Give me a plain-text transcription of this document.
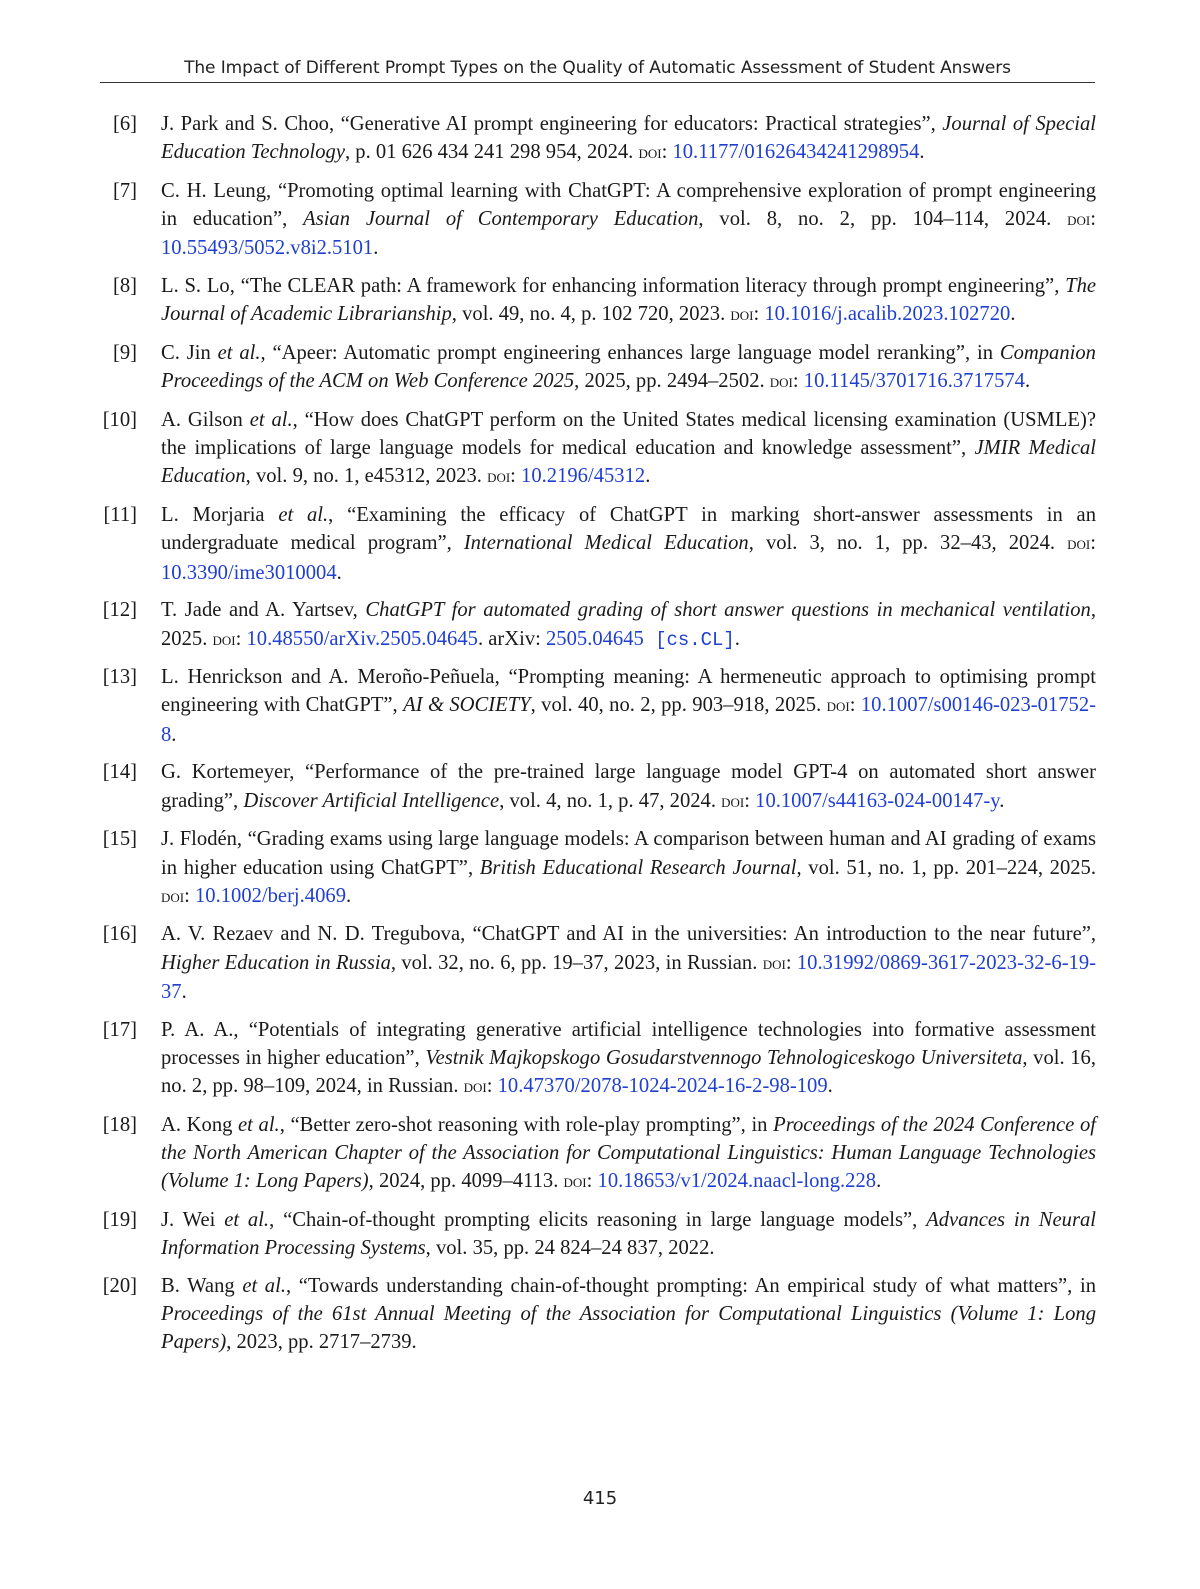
The Impact of Different Prompt Types on the Quality of Automatic Assessment of Student Answers
[6] J. Park and S. Choo, “Generative AI prompt engineering for educators: Practical strategies”, Journal of Special Education Technology, p. 01 626 434 241 298 954, 2024. doi: 10.1177/01626434241298954.
[7] C. H. Leung, “Promoting optimal learning with ChatGPT: A comprehensive exploration of prompt engineering in education”, Asian Journal of Contemporary Education, vol. 8, no. 2, pp. 104–114, 2024. doi: 10.55493/5052.v8i2.5101.
[8] L. S. Lo, “The CLEAR path: A framework for enhancing information literacy through prompt engineering”, The Journal of Academic Librarianship, vol. 49, no. 4, p. 102 720, 2023. doi: 10.1016/j.acalib.2023.102720.
[9] C. Jin et al., “Apeer: Automatic prompt engineering enhances large language model reranking”, in Companion Proceedings of the ACM on Web Conference 2025, 2025, pp. 2494–2502. doi: 10.1145/3701716.3717574.
[10] A. Gilson et al., “How does ChatGPT perform on the United States medical licensing examination (USMLE)? the implications of large language models for medical education and knowledge assessment”, JMIR Medical Education, vol. 9, no. 1, e45312, 2023. doi: 10.2196/45312.
[11] L. Morjaria et al., “Examining the efficacy of ChatGPT in marking short-answer assessments in an undergraduate medical program”, International Medical Education, vol. 3, no. 1, pp. 32–43, 2024. doi: 10.3390/ime3010004.
[12] T. Jade and A. Yartsev, ChatGPT for automated grading of short answer questions in mechanical ventilation, 2025. doi: 10.48550/arXiv.2505.04645. arXiv: 2505.04645 [cs.CL].
[13] L. Henrickson and A. Meroño-Peñuela, “Prompting meaning: A hermeneutic approach to optimising prompt engineering with ChatGPT”, AI & SOCIETY, vol. 40, no. 2, pp. 903–918, 2025. doi: 10.1007/s00146-023-01752-8.
[14] G. Kortemeyer, “Performance of the pre-trained large language model GPT-4 on automated short answer grading”, Discover Artificial Intelligence, vol. 4, no. 1, p. 47, 2024. doi: 10.1007/s44163-024-00147-y.
[15] J. Flodén, “Grading exams using large language models: A comparison between human and AI grading of exams in higher education using ChatGPT”, British Educational Research Journal, vol. 51, no. 1, pp. 201–224, 2025. doi: 10.1002/berj.4069.
[16] A. V. Rezaev and N. D. Tregubova, “ChatGPT and AI in the universities: An introduction to the near future”, Higher Education in Russia, vol. 32, no. 6, pp. 19–37, 2023, in Russian. doi: 10.31992/0869-3617-2023-32-6-19-37.
[17] P. A. A., “Potentials of integrating generative artificial intelligence technologies into formative assessment processes in higher education”, Vestnik Majkopskogo Gosudarstvennogo Tehnologiceskogo Universiteta, vol. 16, no. 2, pp. 98–109, 2024, in Russian. doi: 10.47370/2078-1024-2024-16-2-98-109.
[18] A. Kong et al., “Better zero-shot reasoning with role-play prompting”, in Proceedings of the 2024 Conference of the North American Chapter of the Association for Computational Linguistics: Human Language Technologies (Volume 1: Long Papers), 2024, pp. 4099–4113. doi: 10.18653/v1/2024.naacl-long.228.
[19] J. Wei et al., “Chain-of-thought prompting elicits reasoning in large language models”, Advances in Neural Information Processing Systems, vol. 35, pp. 24 824–24 837, 2022.
[20] B. Wang et al., “Towards understanding chain-of-thought prompting: An empirical study of what matters”, in Proceedings of the 61st Annual Meeting of the Association for Computational Linguistics (Volume 1: Long Papers), 2023, pp. 2717–2739.
415
